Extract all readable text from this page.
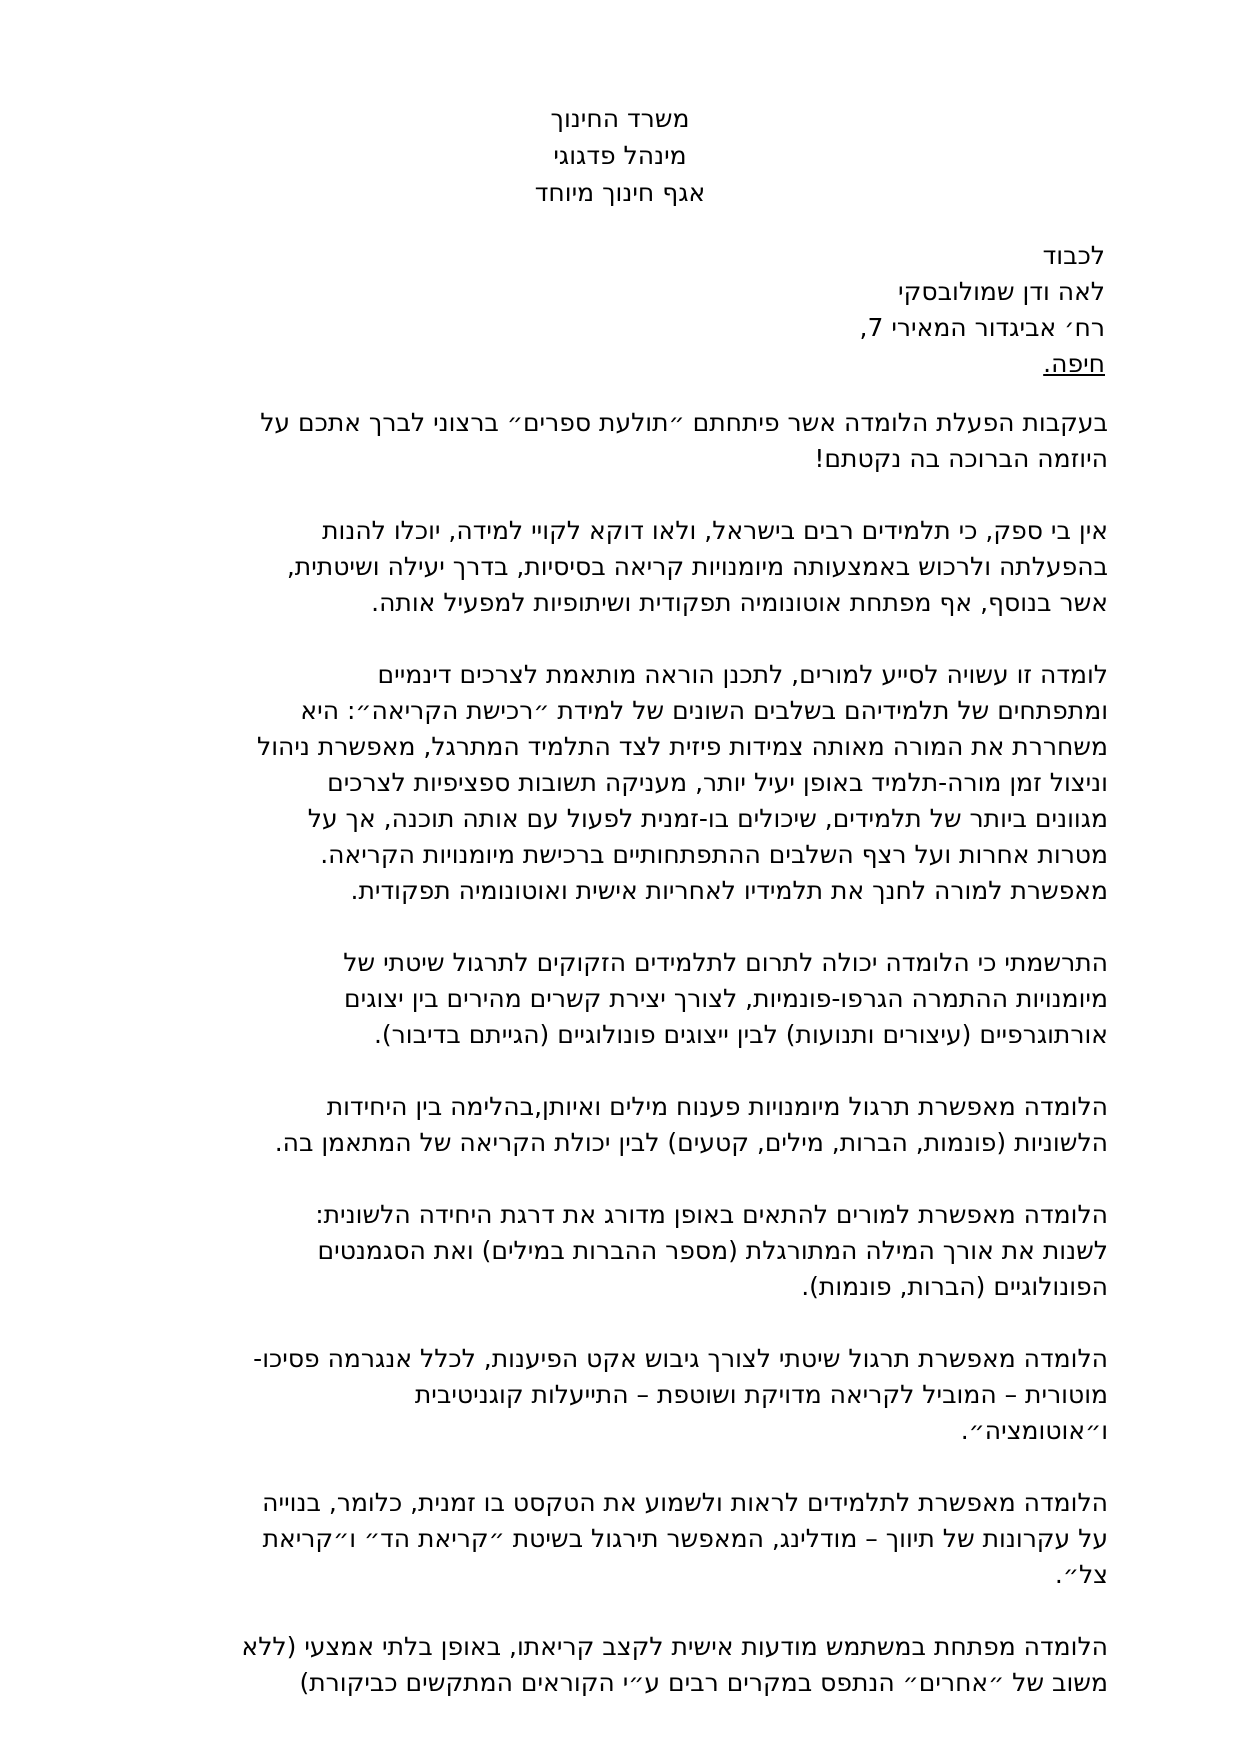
משרד החינוך
מינהל פדגוגי
אגף חינוך מיוחד
לכבוד
לאה ודן שמולובסקי
רח׳ אביגדור המאירי 7,
חיפה.

בעקבות הפעלת הלומדה אשר פיתחתם ״תולעת ספרים״ ברצוני לברך אתכם על
היוזמה הברוכה בה נקטתם!

אין בי ספק, כי תלמידים רבים בישראל, ולאו דוקא לקויי למידה, יוכלו להנות
בהפעלתה ולרכוש באמצעותה מיומנויות קריאה בסיסיות, בדרך יעילה ושיטתית,
אשר בנוסף, אף מפתחת אוטונומיה תפקודית ושיתופיות למפעיל אותה.

לומדה זו עשויה לסייע למורים, לתכנן הוראה מותאמת לצרכים דינמיים
ומתפתחים של תלמידיהם בשלבים השונים של למידת ״רכישת הקריאה״: היא
משחררת את המורה מאותה צמידות פיזית לצד התלמיד המתרגל, מאפשרת ניהול
וניצול זמן מורה-תלמיד באופן יעיל יותר, מעניקה תשובות ספציפיות לצרכים
מגוונים ביותר של תלמידים, שיכולים בו-זמנית לפעול עם אותה תוכנה, אך על
מטרות אחרות ועל רצף השלבים ההתפתחותיים ברכישת מיומנויות הקריאה.
מאפשרת למורה לחנך את תלמידיו לאחריות אישית ואוטונומיה תפקודית.

התרשמתי כי הלומדה יכולה לתרום לתלמידים הזקוקים לתרגול שיטתי של
מיומנויות ההתמרה הגרפו-פונמיות, לצורך יצירת קשרים מהירים בין יצוגים
אורתוגרפיים (עיצורים ותנועות) לבין ייצוגים פונולוגיים (הגייתם בדיבור).

הלומדה מאפשרת תרגול מיומנויות פענוח מילים ואיותן,בהלימה בין היחידות
הלשוניות (פונמות, הברות, מילים, קטעים) לבין יכולת הקריאה של המתאמן בה.

הלומדה מאפשרת למורים להתאים באופן מדורג את דרגת היחידה הלשונית:
לשנות את אורך המילה המתורגלת (מספר ההברות במילים) ואת הסגמנטים
הפונולוגיים (הברות, פונמות).

הלומדה מאפשרת תרגול שיטתי לצורך גיבוש אקט הפיענות, לכלל אנגרמה פסיכו-
מוטורית – המוביל לקריאה מדויקת ושוטפת – התייעלות קוגניטיבית
ו״אוטומציה״.

הלומדה מאפשרת לתלמידים לראות ולשמוע את הטקסט בו זמנית, כלומר, בנוייה
על עקרונות של תיווך – מודלינג, המאפשר תירגול בשיטת ״קריאת הד״ ו״קריאת
צל״.

הלומדה מפתחת במשתמש מודעות אישית לקצב קריאתו, באופן בלתי אמצעי (ללא
משוב של ״אחרים״ הנתפס במקרים רבים ע״י הקוראים המתקשים כביקורת)
